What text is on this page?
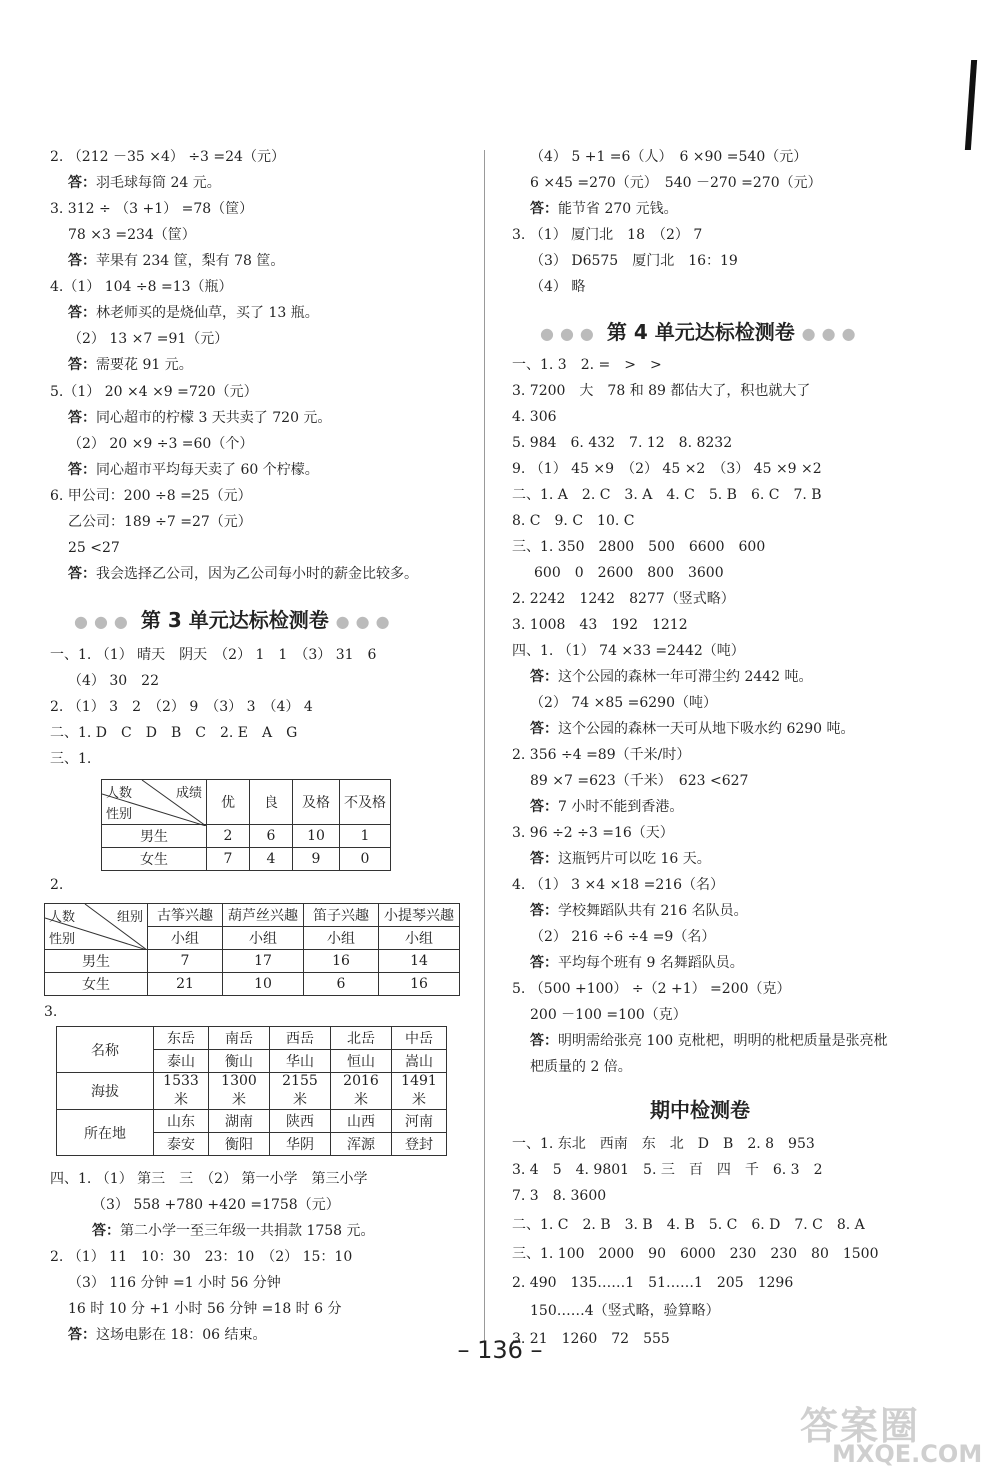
2. （212 －35 ×4） ÷3 =24（元）
答：羽毛球每筒 24 元。
3. 312 ÷ （3 +1） =78（筐）
78 ×3 =234（筐）
答：苹果有 234 筐，梨有 78 筐。
4.（1） 104 ÷8 =13（瓶）
答：林老师买的是烧仙草，买了 13 瓶。
（2） 13 ×7 =91（元）
答：需要花 91 元。
5.（1） 20 ×4 ×9 =720（元）
答：同心超市的柠檬 3 天共卖了 720 元。
（2） 20 ×9 ÷3 =60（个）
答：同心超市平均每天卖了 60 个柠檬。
6. 甲公司：200 ÷8 =25（元）
乙公司：189 ÷7 =27（元）
25 <27
答：我会选择乙公司，因为乙公司每小时的薪金比较多。
●●● 第 3 单元达标检测卷 ●●●
一、1. （1） 晴天　阴天　（2） 1　1　（3） 31　6
（4） 30　22
2. （1） 3　2　（2） 9　（3） 3　（4） 4
二、1. D　C　D　B　C　2. E　A　G
三、1.
人数 成绩
性别	优	良	及格	不及格

男生	2	6	10	1
女生	7	4	9	0
2.
人数 组别
性别	古筝兴趣	葫芦丝兴趣	笛子兴趣	小提琴兴趣
	小组	小组	小组	小组
男生	7	17	16	14
女生	21	10	6	16
3.
名称	东岳	南岳	西岳	北岳	中岳
	泰山	衡山	华山	恒山	嵩山
海拔	1533 米	1300 米	2155 米	2016 米	1491 米
所在地	山东	湖南	陕西	山西	河南
	泰安	衡阳	华阴	浑源	登封
四、1. （1） 第三　三　（2） 第一小学　第三小学
（3） 558 +780 +420 =1758（元）
答：第二小学一至三年级一共捐款 1758 元。
2. （1） 11　10：30　23：10　（2） 15：10
（3） 116 分钟 =1 小时 56 分钟
16 时 10 分 +1 小时 56 分钟 =18 时 6 分
答：这场电影在 18：06 结束。
（4） 5 +1 =6（人）　6 ×90 =540（元）
6 ×45 =270（元）　540 －270 =270（元）
答：能节省 270 元钱。
3. （1） 厦门北　18　（2） 7
（3） D6575　厦门北　16：19
（4） 略
●●● 第 4 单元达标检测卷 ●●●
一、1. 3　2. =　>　>
3. 7200　大　78 和 89 都估大了，积也就大了
4. 306
5. 984　6. 432　7. 12　8. 8232
9. （1） 45 ×9　（2） 45 ×2　（3） 45 ×9 ×2
二、1. A　2. C　3. A　4. C　5. B　6. C　7. B
8. C　9. C　10. C
三、1. 350　2800　500　6600　600
600　0　2600　800　3600
2. 2242　1242　8277（竖式略）
3. 1008　43　192　1212
四、1. （1） 74 ×33 =2442（吨）
答：这个公园的森林一年可滞尘约 2442 吨。
（2） 74 ×85 =6290（吨）
答：这个公园的森林一天可从地下吸水约 6290 吨。
2. 356 ÷4 =89（千米/时）
89 ×7 =623（千米）　623 <627
答：7 小时不能到香港。
3. 96 ÷2 ÷3 =16（天）
答：这瓶钙片可以吃 16 天。
4. （1） 3 ×4 ×18 =216（名）
答：学校舞蹈队共有 216 名队员。
（2） 216 ÷6 ÷4 =9（名）
答：平均每个班有 9 名舞蹈队员。
5. （500 +100） ÷（2 +1） =200（克）
200 －100 =100（克）
答：明明需给张亮 100 克枇杷，明明的枇杷质量是张亮枇
杷质量的 2 倍。
期中检测卷
一、1. 东北　西南　东　北　D　B　2. 8　953
3. 4　5　4. 9801　5. 三　百　四　千　6. 3　2
7. 3　8. 3600
二、1. C　2. B　3. B　4. B　5. C　6. D　7. C　8. A
三、1. 100　2000　90　6000　230　230　80　1500
2. 490　135……1　51……1　205　1296
150……4（竖式略，验算略）
3. 21　1260　72　555
– 136 –
答案圈
MXQE.COM
